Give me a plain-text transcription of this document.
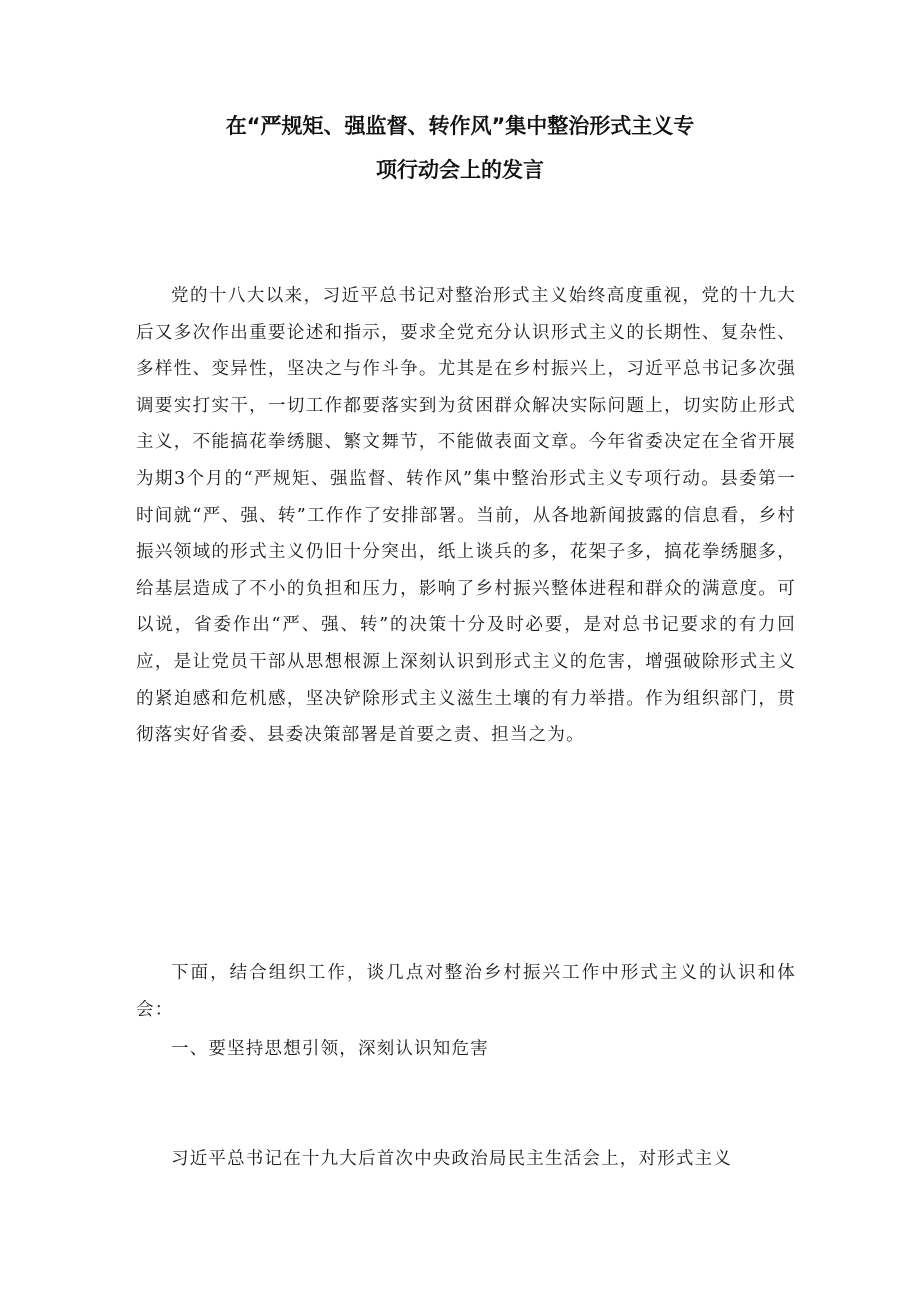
在“严规矩、强监督、转作风”集中整治形式主义专
项行动会上的发言

党的十八大以来，习近平总书记对整治形式主义始终高度重视，党的十九大后又多次作出重要论述和指示，要求全党充分认识形式主义的长期性、复杂性、多样性、变异性，坚决之与作斗争。尤其是在乡村振兴上，习近平总书记多次强调要实打实干，一切工作都要落实到为贫困群众解决实际问题上，切实防止形式主义，不能搞花拳绣腿、繁文舞节，不能做表面文章。今年省委决定在全省开展为期3个月的“严规矩、强监督、转作风”集中整治形式主义专项行动。县委第一时间就“严、强、转”工作作了安排部署。当前，从各地新闻披露的信息看，乡村振兴领域的形式主义仍旧十分突出，纸上谈兵的多，花架子多，搞花拳绣腿多，给基层造成了不小的负担和压力，影响了乡村振兴整体进程和群众的满意度。可以说，省委作出“严、强、转”的决策十分及时必要，是对总书记要求的有力回应，是让党员干部从思想根源上深刻认识到形式主义的危害，增强破除形式主义的紧迫感和危机感，坚决铲除形式主义滋生土壤的有力举措。作为组织部门，贯彻落实好省委、县委决策部署是首要之责、担当之为。

下面，结合组织工作，谈几点对整治乡村振兴工作中形式主义的认识和体会：

一、要坚持思想引领，深刻认识知危害

习近平总书记在十九大后首次中央政治局民主生活会上，对形式主义
